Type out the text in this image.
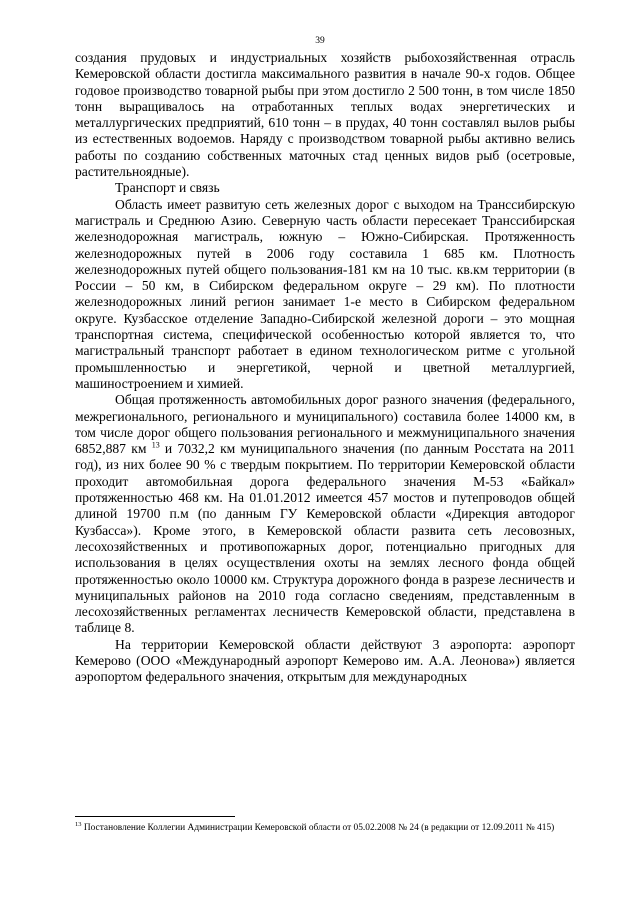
39

создания прудовых и индустриальных хозяйств рыбохозяйственная отрасль Кемеровской области достигла максимального развития в начале 90-х годов. Общее годовое производство товарной рыбы при этом достигло 2 500 тонн, в том числе 1850 тонн выращивалось на отработанных теплых водах энергетических и металлургических предприятий, 610 тонн – в прудах, 40 тонн составлял вылов рыбы из естественных водоемов. Наряду с производством товарной рыбы активно велись работы по созданию собственных маточных стад ценных видов рыб (осетровые, растительноядные).

Транспорт и связь

Область имеет развитую сеть железных дорог с выходом на Транссибирскую магистраль и Среднюю Азию. Северную часть области пересекает Транссибирская железнодорожная магистраль, южную – Южно-Сибирская. Протяженность железнодорожных путей в 2006 году составила 1 685 км. Плотность железнодорожных путей общего пользования-181 км на 10 тыс. кв.км территории (в России – 50 км, в Сибирском федеральном округе – 29 км). По плотности железнодорожных линий регион занимает 1-е место в Сибирском федеральном округе. Кузбасское отделение Западно-Сибирской железной дороги – это мощная транспортная система, специфической особенностью которой является то, что магистральный транспорт работает в едином технологическом ритме с угольной промышленностью и энергетикой, черной и цветной металлургией, машиностроением и химией.

Общая протяженность автомобильных дорог разного значения (федерального, межрегионального, регионального и муниципального) составила более 14000 км, в том числе дорог общего пользования регионального и межмуниципального значения 6852,887 км $^{13}$ и 7032,2 км муниципального значения (по данным Росстата на 2011 год), из них более 90 % с твердым покрытием. По территории Кемеровской области проходит автомобильная дорога федерального значения М-53 «Байкал» протяженностью 468 км. На 01.01.2012 имеется 457 мостов и путепроводов общей длиной 19700 п.м (по данным ГУ Кемеровской области «Дирекция автодорог Кузбасса»). Кроме этого, в Кемеровской области развита сеть лесовозных, лесохозяйственных и противопожарных дорог, потенциально пригодных для использования в целях осуществления охоты на землях лесного фонда общей протяженностью около 10000 км. Структура дорожного фонда в разрезе лесничеств и муниципальных районов на 2010 года согласно сведениям, представленным в лесохозяйственных регламентах лесничеств Кемеровской области, представлена в таблице 8.

На территории Кемеровской области действуют 3 аэропорта: аэропорт Кемерово (ООО «Международный аэропорт Кемерово им. А.А. Леонова») является аэропортом федерального значения, открытым для международных

$^{13}$ Постановление Коллегии Администрации Кемеровской области от 05.02.2008 № 24 (в редакции от 12.09.2011 № 415)
